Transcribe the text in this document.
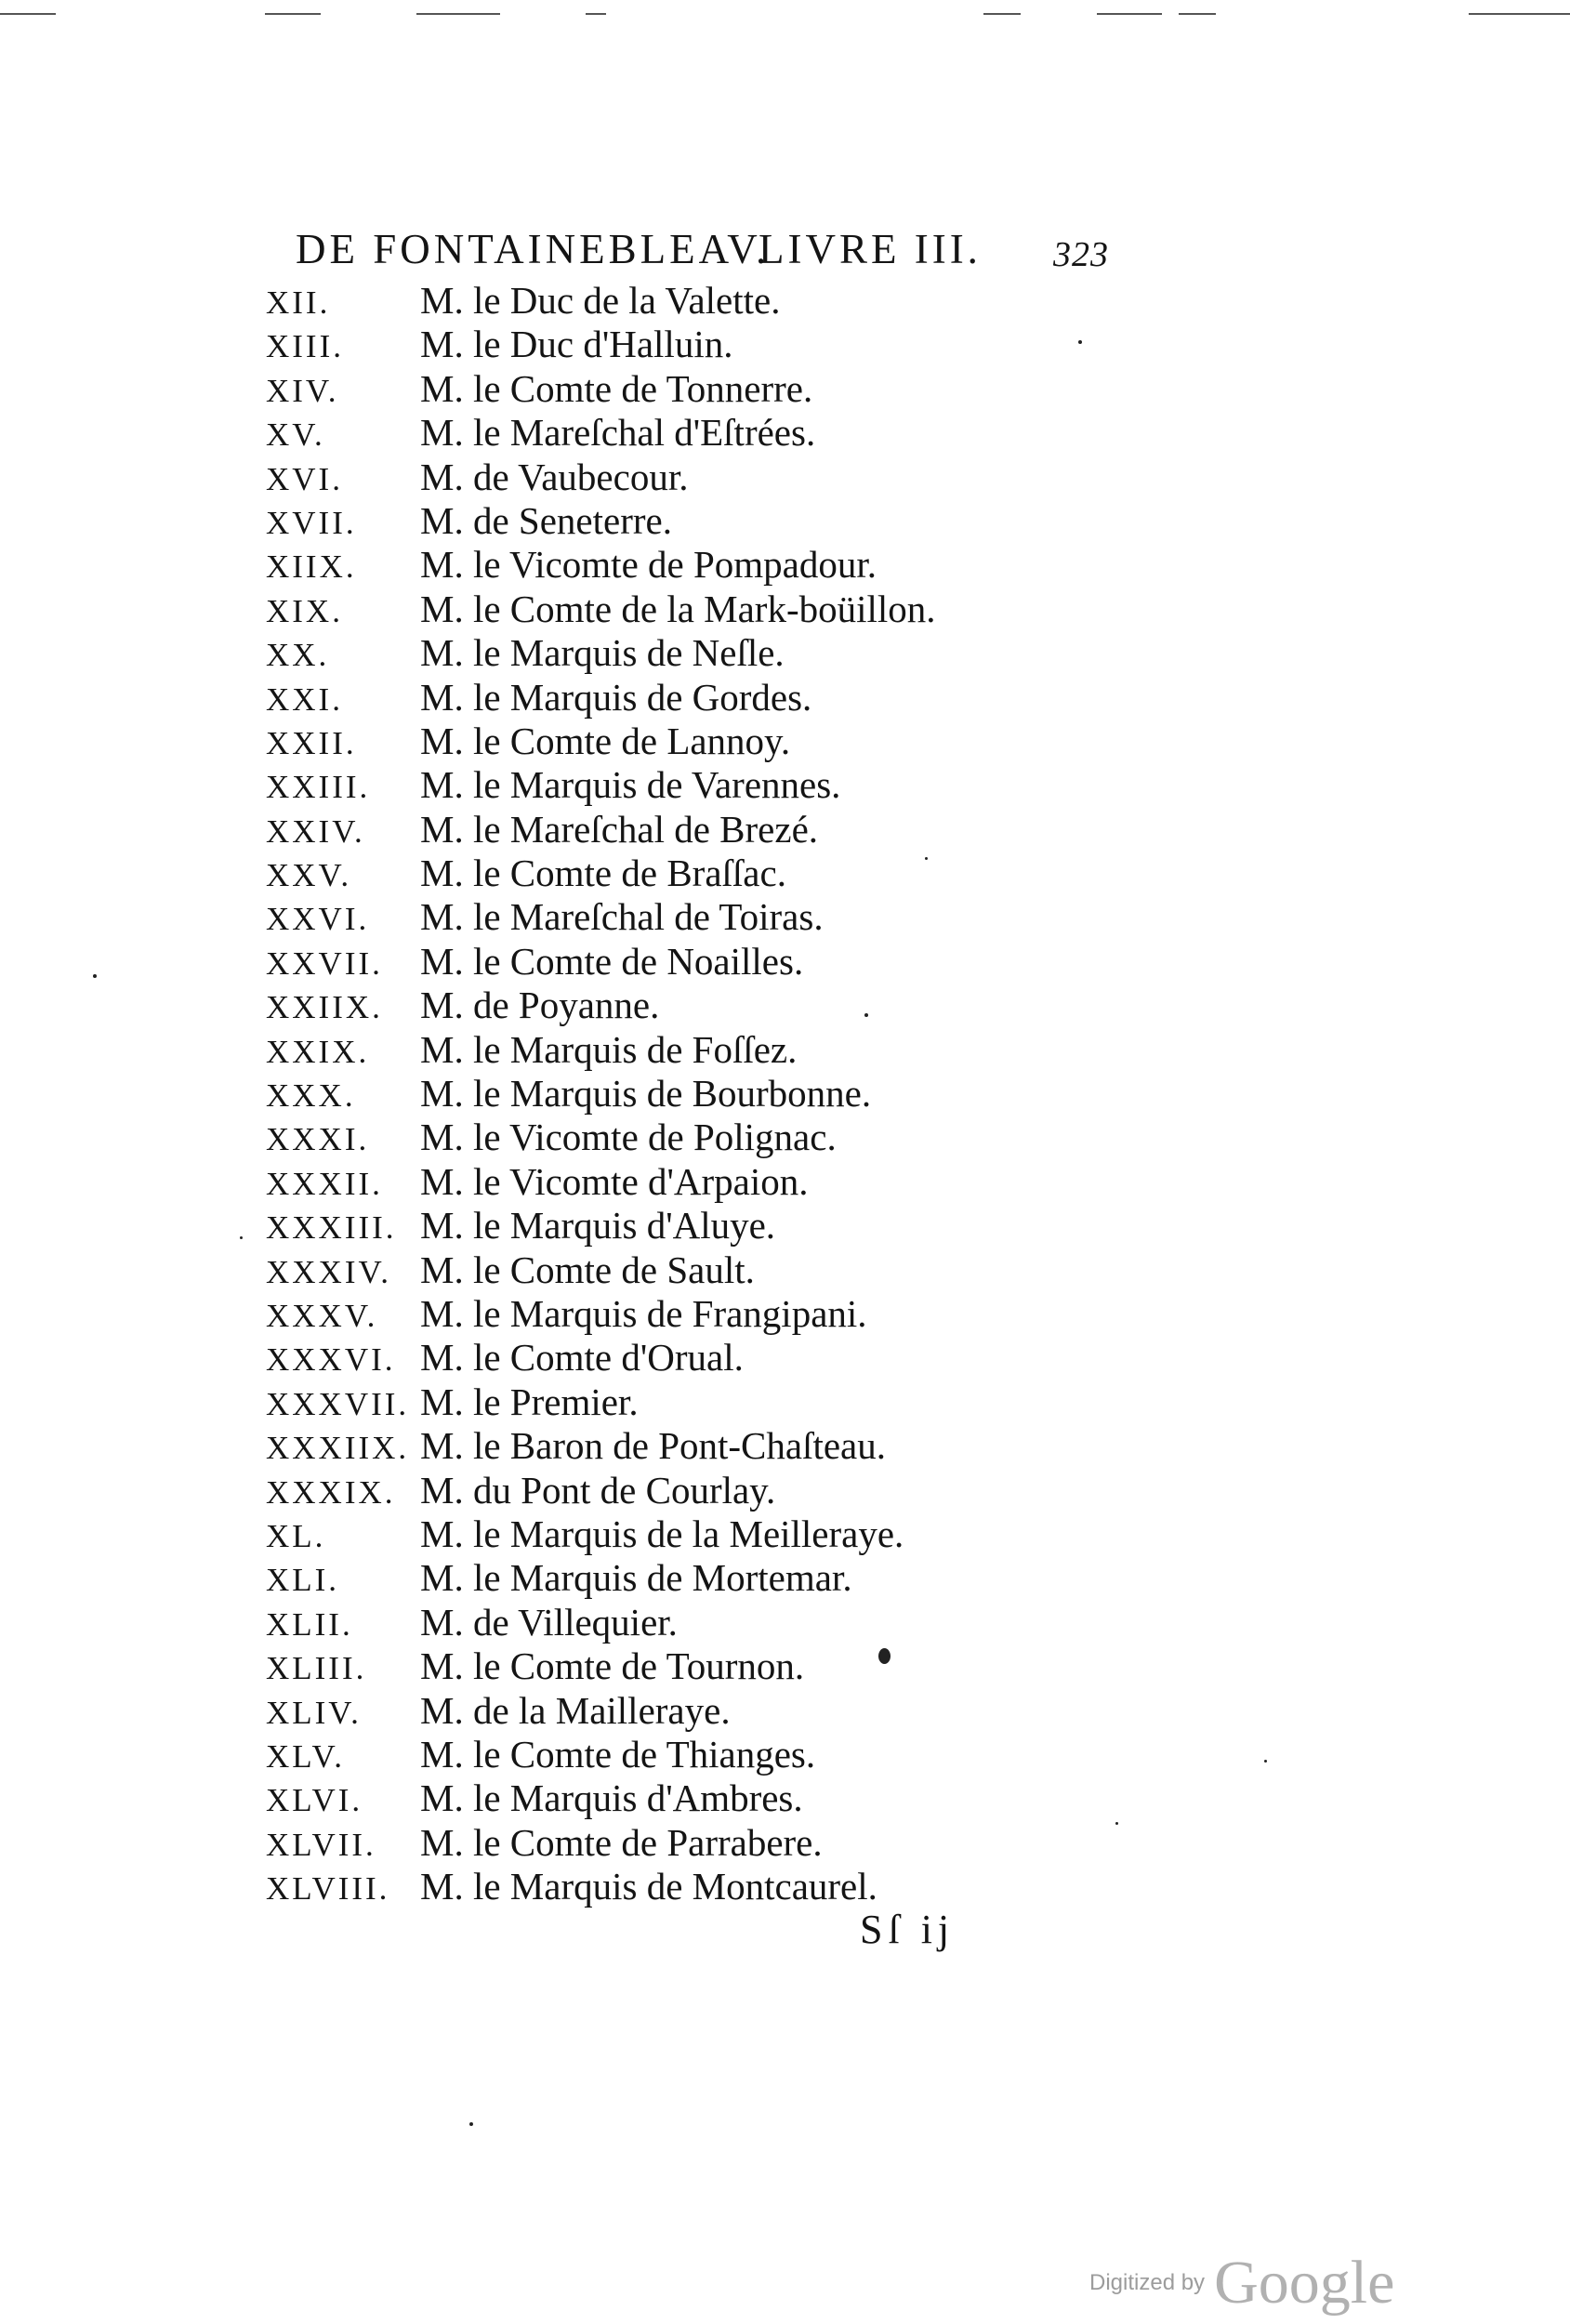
DE FONTAINEBLEAV.
LIVRE III. 323
XII. M. le Duc de la Valette.
XIII. M. le Duc d'Halluin.
XIV. M. le Comte de Tonnerre.
XV. M. le Mareſchal d'Eſtrées.
XVI. M. de Vaubecour.
XVII. M. de Seneterre.
XIIX. M. le Vicomte de Pompadour.
XIX. M. le Comte de la Mark-boüillon.
XX. M. le Marquis de Neſle.
XXI. M. le Marquis de Gordes.
XXII. M. le Comte de Lannoy.
XXIII. M. le Marquis de Varennes.
XXIV. M. le Mareſchal de Brezé.
XXV. M. le Comte de Braſſac.
XXVI. M. le Mareſchal de Toiras.
XXVII. M. le Comte de Noailles.
XXIIX. M. de Poyanne.
XXIX. M. le Marquis de Foſſez.
XXX. M. le Marquis de Bourbonne.
XXXI. M. le Vicomte de Polignac.
XXXII. M. le Vicomte d'Arpaion.
XXXIII. M. le Marquis d'Aluye.
XXXIV. M. le Comte de Sault.
XXXV. M. le Marquis de Frangipani.
XXXVI. M. le Comte d'Orual.
XXXVII. M. le Premier.
XXXIIX. M. le Baron de Pont-Chaſteau.
XXXIX. M. du Pont de Courlay.
XL. M. le Marquis de la Meilleraye.
XLI. M. le Marquis de Mortemar.
XLII. M. de Villequier.
XLIII. M. le Comte de Tournon.
XLIV. M. de la Mailleraye.
XLV. M. le Comte de Thianges.
XLVI. M. le Marquis d'Ambres.
XLVII. M. le Comte de Parrabere.
XLVIII. M. le Marquis de Montcaurel.
Sſ ij
Digitized by Google
